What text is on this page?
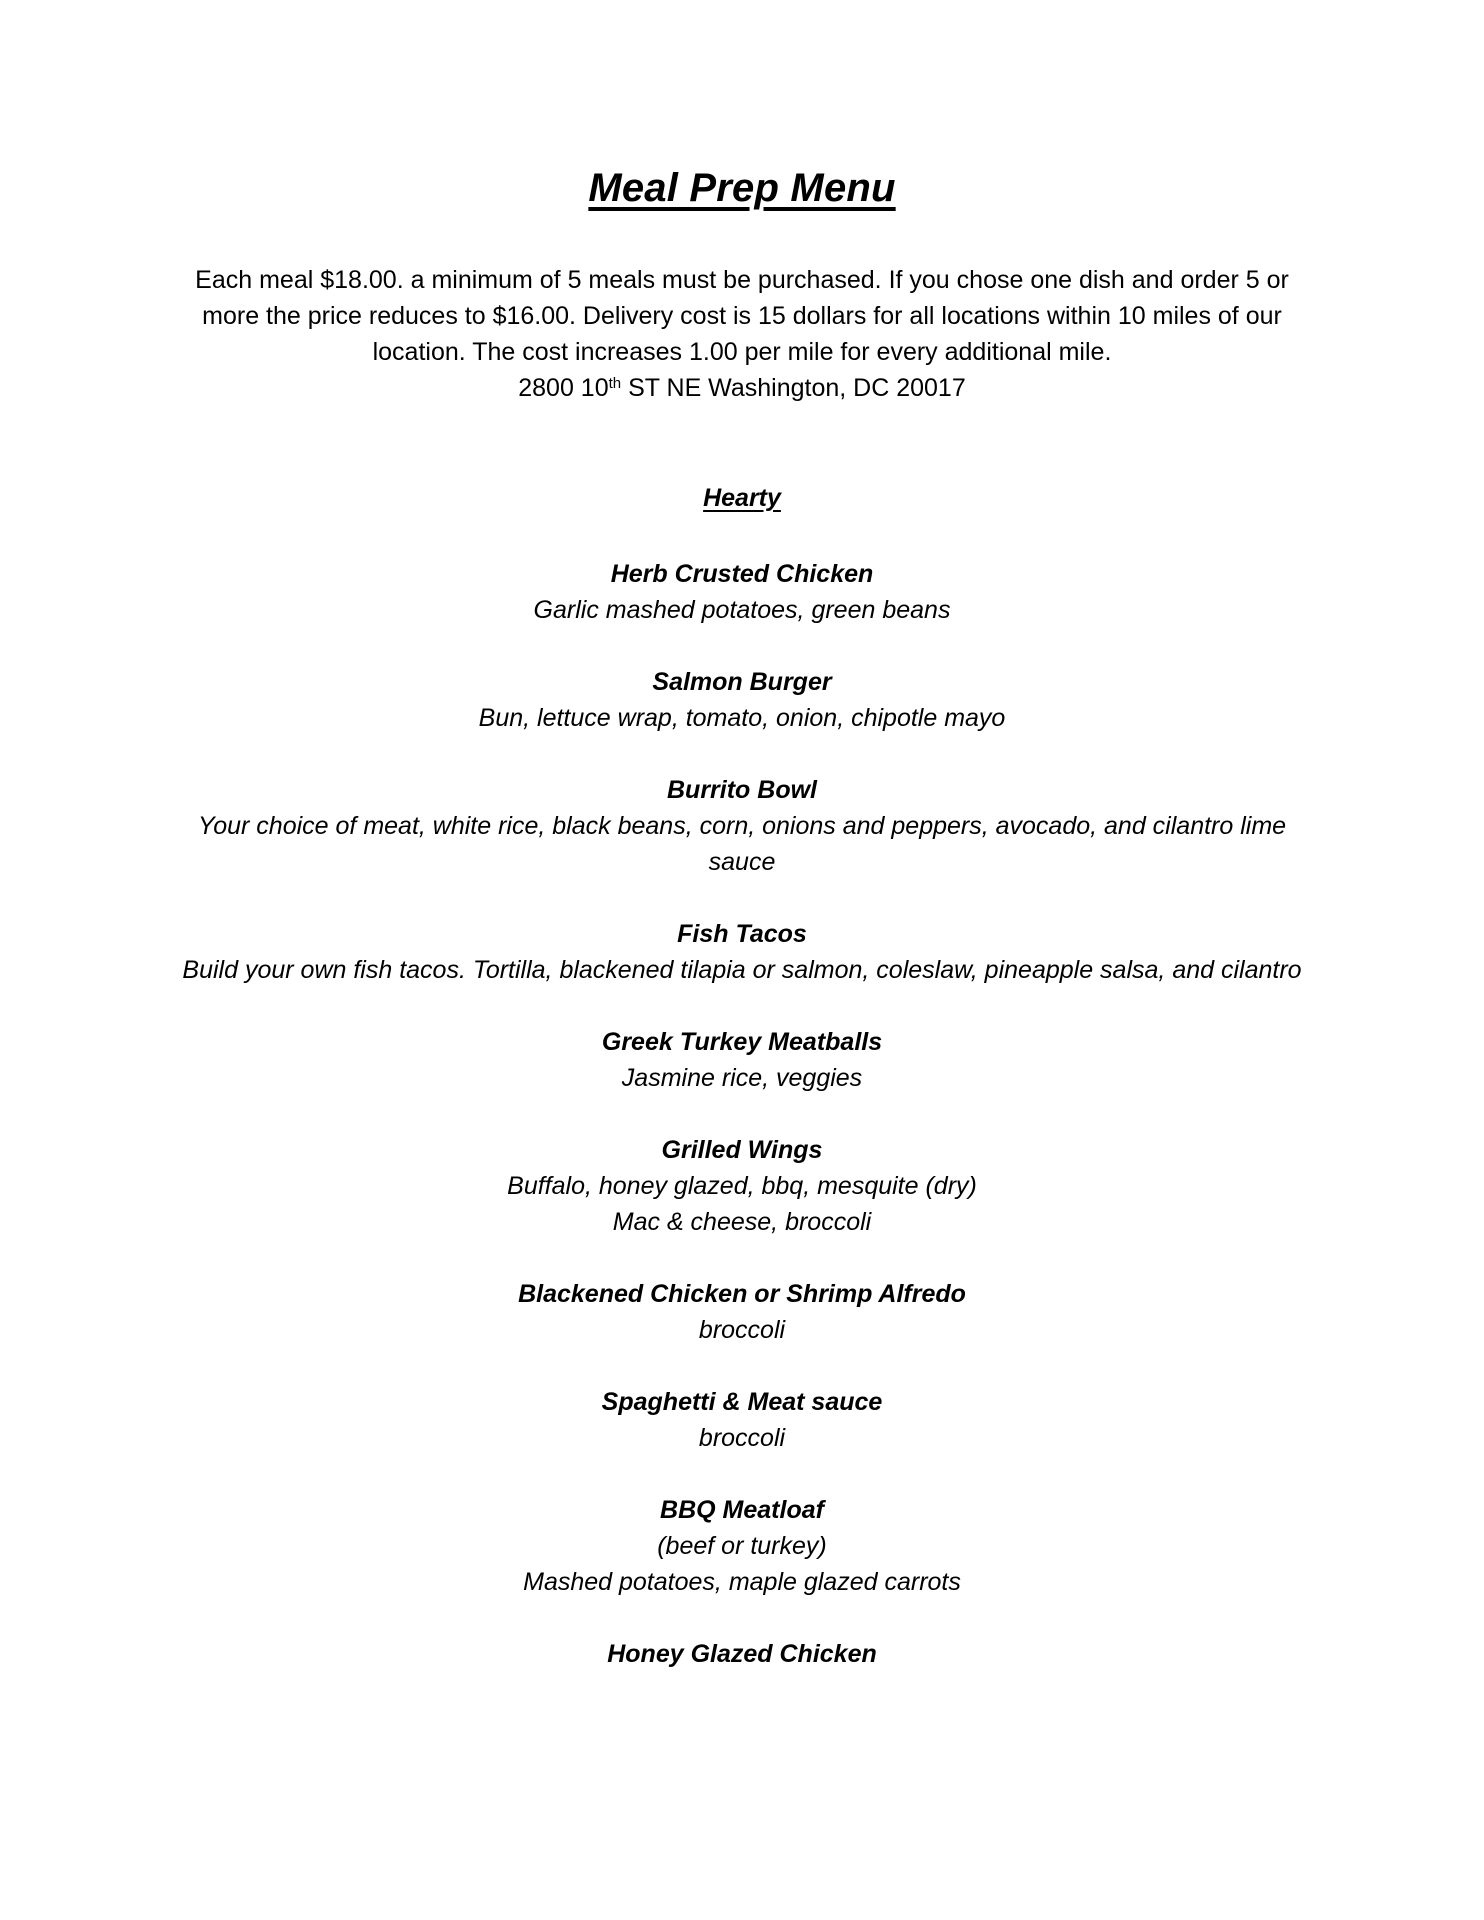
Meal Prep Menu

Each meal $18.00. a minimum of 5 meals must be purchased. If you chose one dish and order 5 or more the price reduces to $16.00. Delivery cost is 15 dollars for all locations within 10 miles of our location. The cost increases 1.00 per mile for every additional mile.

2800 10th ST NE Washington, DC 20017

Hearty
Herb Crusted Chicken
Garlic mashed potatoes, green beans
Salmon Burger
Bun, lettuce wrap, tomato, onion, chipotle mayo
Burrito Bowl
Your choice of meat, white rice, black beans, corn, onions and peppers, avocado, and cilantro lime sauce
Fish Tacos
Build your own fish tacos. Tortilla, blackened tilapia or salmon, coleslaw, pineapple salsa, and cilantro
Greek Turkey Meatballs
Jasmine rice, veggies
Grilled Wings
Buffalo, honey glazed, bbq, mesquite (dry)
Mac & cheese, broccoli
Blackened Chicken or Shrimp Alfredo
broccoli
Spaghetti & Meat sauce
broccoli
BBQ Meatloaf
(beef or turkey)
Mashed potatoes, maple glazed carrots
Honey Glazed Chicken
